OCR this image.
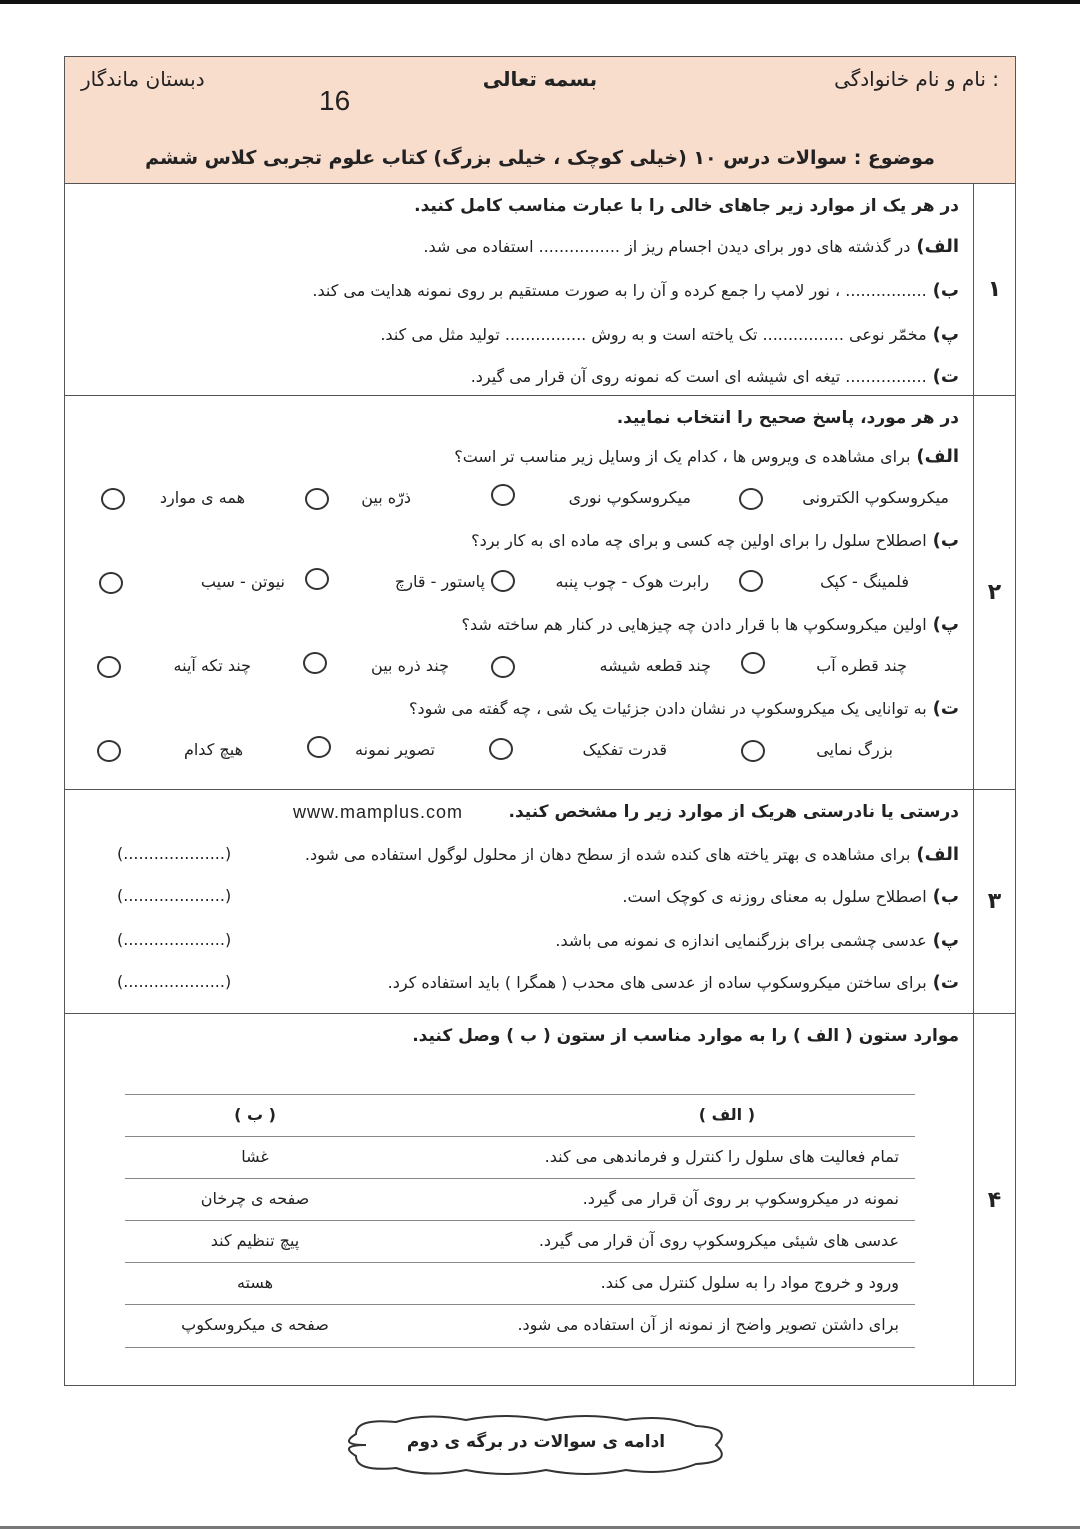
نام و نام خانوادگی :
بسمه تعالی
دبستان ماندگار
16
موضوع : سوالات درس ۱۰ (خیلی کوچک ، خیلی بزرگ) کتاب علوم تجربی کلاس ششم
۱
در هر یک از موارد زیر جاهای خالی را با عبارت مناسب کامل کنید.
الف)در گذشته های دور برای دیدن اجسام ریز از ................ استفاده می شد.
ب)................ ، نور لامپ را جمع کرده و آن را به صورت مستقیم بر روی نمونه هدایت می کند.
پ)مخمّر نوعی ................ تک یاخته است و به روش ................ تولید مثل می کند.
ت)................ تیغه ای شیشه ای است که نمونه روی آن قرار می گیرد.
۲
در هر مورد، پاسخ صحیح را انتخاب نمایید.
الف)برای مشاهده ی ویروس ها ، کدام یک از وسایل زیر مناسب تر است؟
میکروسکوپ الکترونی
میکروسکوپ نوری
ذرّه بین
همه ی موارد
ب)اصطلاح سلول را برای اولین چه کسی و برای چه ماده ای به کار برد؟
فلمینگ - کپک
رابرت هوک - چوب پنبه
پاستور - قارچ
نیوتن - سیب
پ)اولین میکروسکوپ ها با قرار دادن چه چیزهایی در کنار هم ساخته شد؟
چند قطره آب
چند قطعه شیشه
چند ذره بین
چند تکه آینه
ت)به توانایی یک میکروسکوپ در نشان دادن جزئیات یک شی ، چه گفته می شود؟
بزرگ نمایی
قدرت تفکیک
تصویر نمونه
هیچ کدام
۳
درستی یا نادرستی هریک از موارد زیر را مشخص کنید.
www.mamplus.com
الف)برای مشاهده ی بهتر یاخته های کنده شده از سطح دهان از محلول لوگول استفاده می شود.
(....................)
ب)اصطلاح سلول به معنای روزنه ی کوچک است.
(....................)
پ)عدسی چشمی برای بزرگنمایی اندازه ی نمونه می باشد.
(....................)
ت)برای ساختن میکروسکوپ ساده از عدسی های محدب ( همگرا ) باید استفاده کرد.
(....................)
۴
موارد ستون ( الف ) را به موارد مناسب از ستون ( ب ) وصل کنید.
( الف )
( ب )
تمام فعالیت های سلول را کنترل و فرماندهی می کند.
غشا
نمونه در میکروسکوپ بر روی آن قرار می گیرد.
صفحه ی چرخان
عدسی های شیئی میکروسکوپ روی آن قرار می گیرد.
پیچ تنظیم کند
ورود و خروج مواد را به سلول کنترل می کند.
هسته
برای داشتن تصویر واضح از نمونه از آن استفاده می شود.
صفحه ی میکروسکوپ
ادامه ی سوالات در برگه ی دوم
